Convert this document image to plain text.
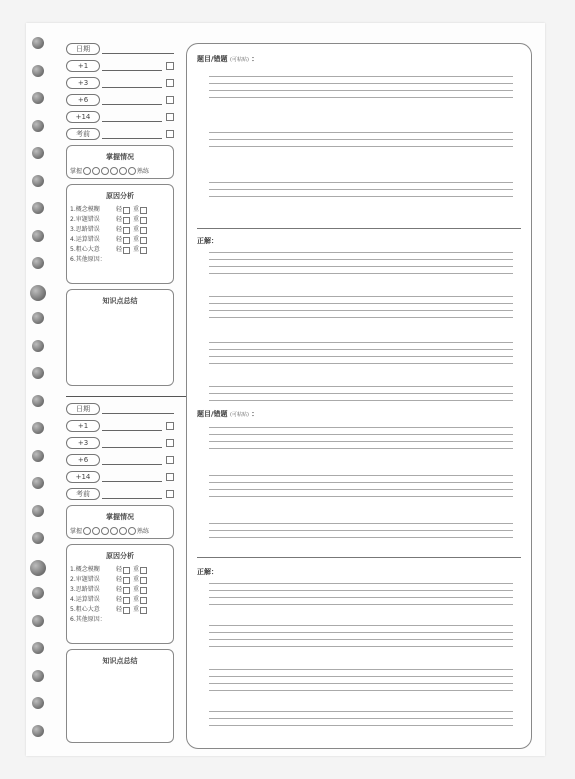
日期
+1
+3
+6
+14
考前
掌握情况
掌握	熟练
原因分析
1.概念模糊	轻 重
2.审题错误	轻 重
3.思路错误	轻 重
4.运算错误	轻 重
5.粗心大意	轻 重
6.其他原因：
知识点总结
题目/错题 (可粘贴) ：
正解：
日期
+1
+3
+6
+14
考前
掌握情况
掌握	熟练
原因分析
1.概念模糊	轻 重
2.审题错误	轻 重
3.思路错误	轻 重
4.运算错误	轻 重
5.粗心大意	轻 重
6.其他原因：
知识点总结
题目/错题 (可粘贴) ：
正解：
